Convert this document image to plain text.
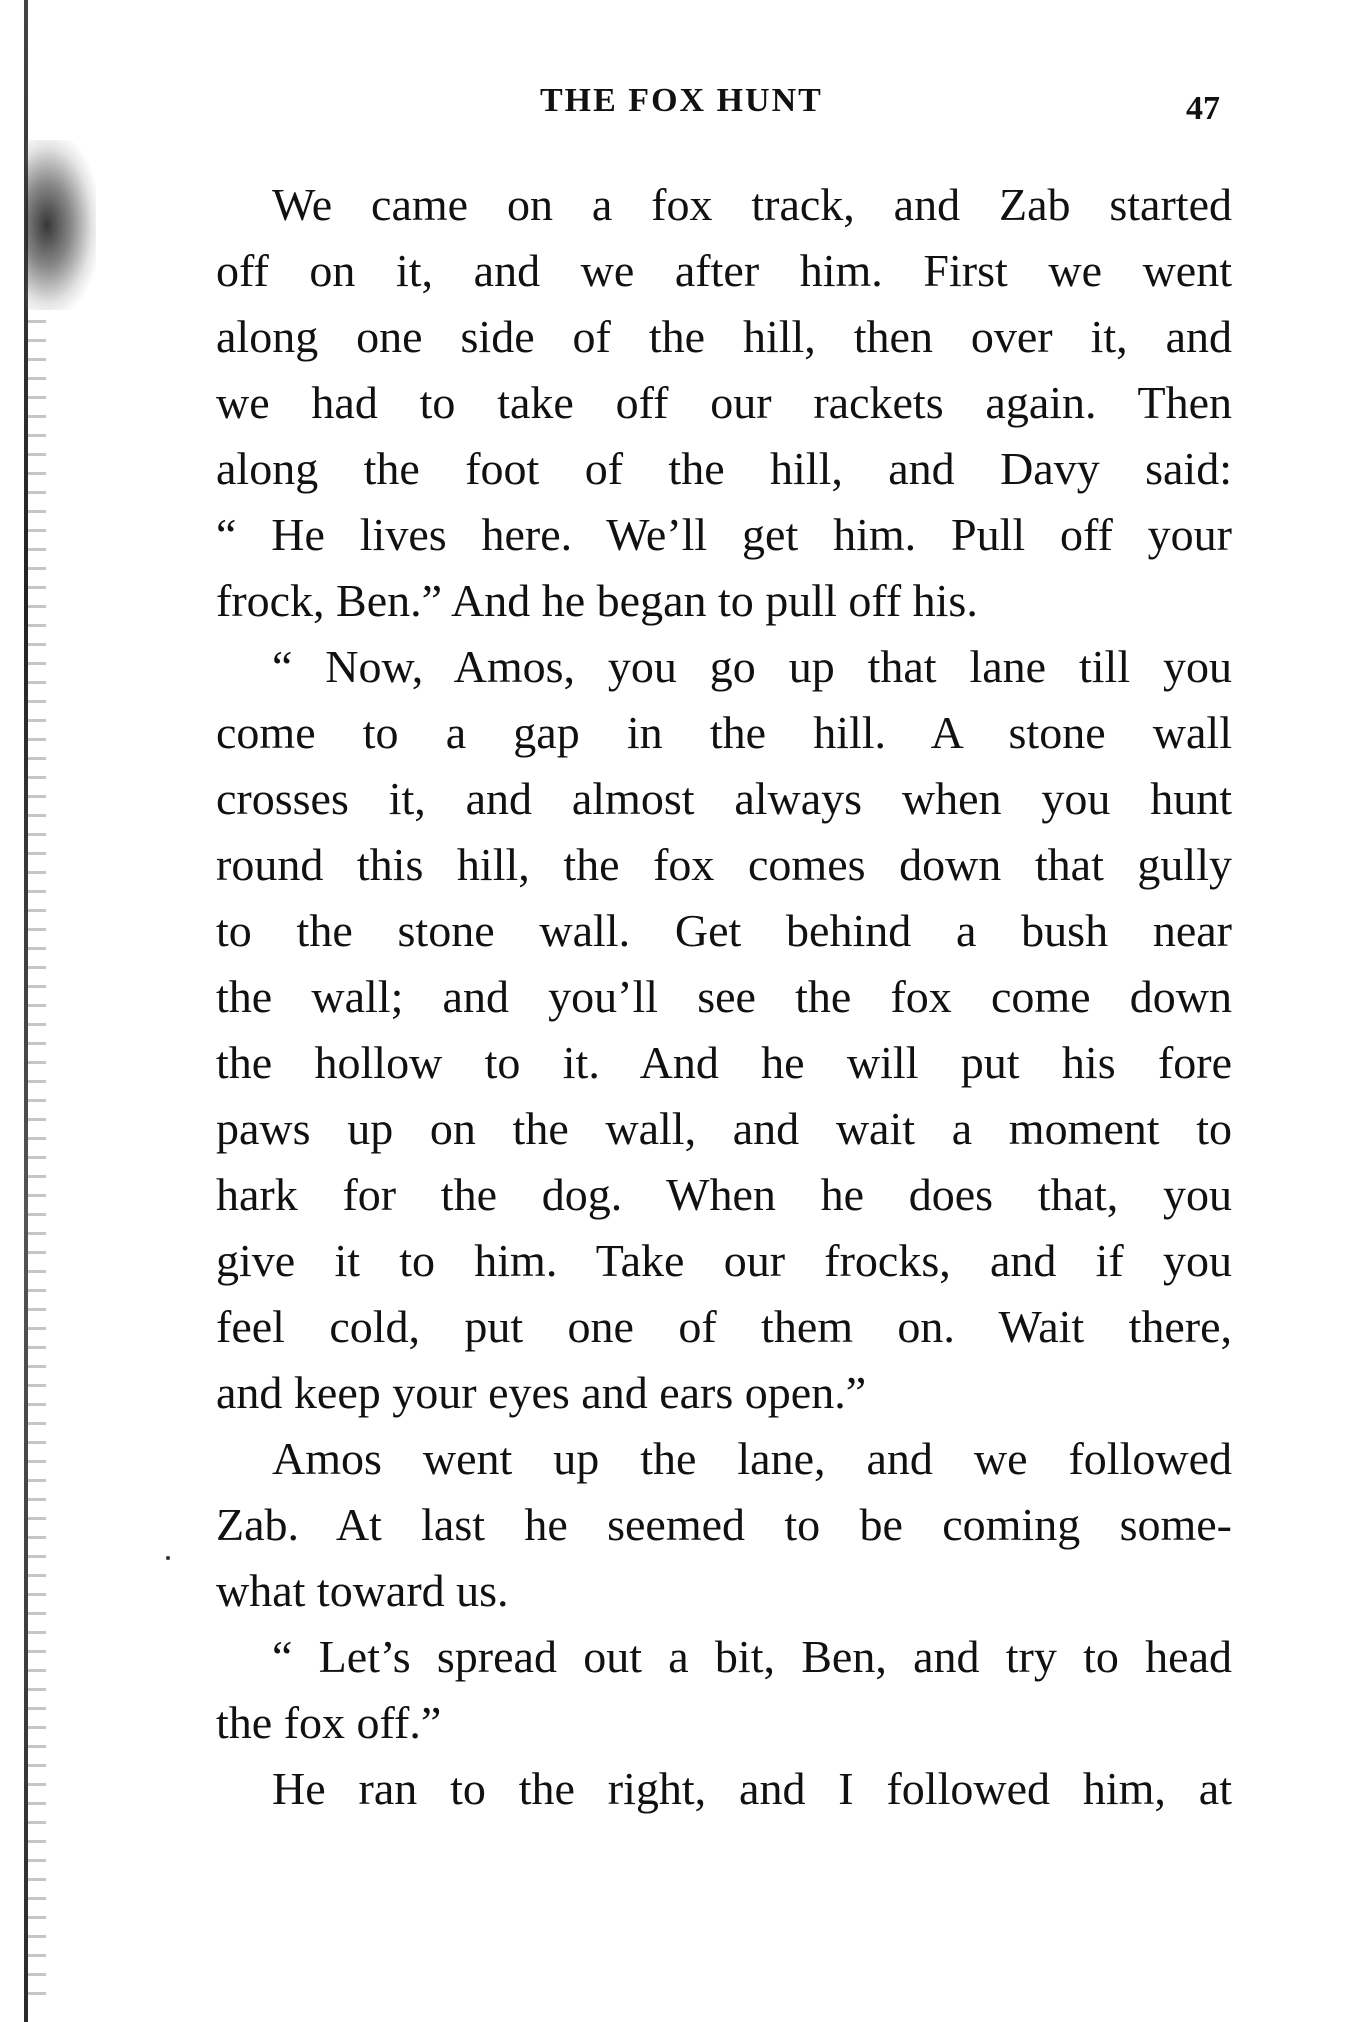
THE FOX HUNT	47
We came on a fox track, and Zab started
off on it, and we after him. First we went
along one side of the hill, then over it, and
we had to take off our rackets again. Then
along the foot of the hill, and Davy said:
“ He lives here. We’ll get him. Pull off your
frock, Ben.” And he began to pull off his.
“ Now, Amos, you go up that lane till you
come to a gap in the hill. A stone wall
crosses it, and almost always when you hunt
round this hill, the fox comes down that gully
to the stone wall. Get behind a bush near
the wall; and you’ll see the fox come down
the hollow to it. And he will put his fore
paws up on the wall, and wait a moment to
hark for the dog. When he does that, you
give it to him. Take our frocks, and if you
feel cold, put one of them on. Wait there,
and keep your eyes and ears open.”
Amos went up the lane, and we followed
Zab. At last he seemed to be coming some-
what toward us.
“ Let’s spread out a bit, Ben, and try to head
the fox off.”
He ran to the right, and I followed him, at
